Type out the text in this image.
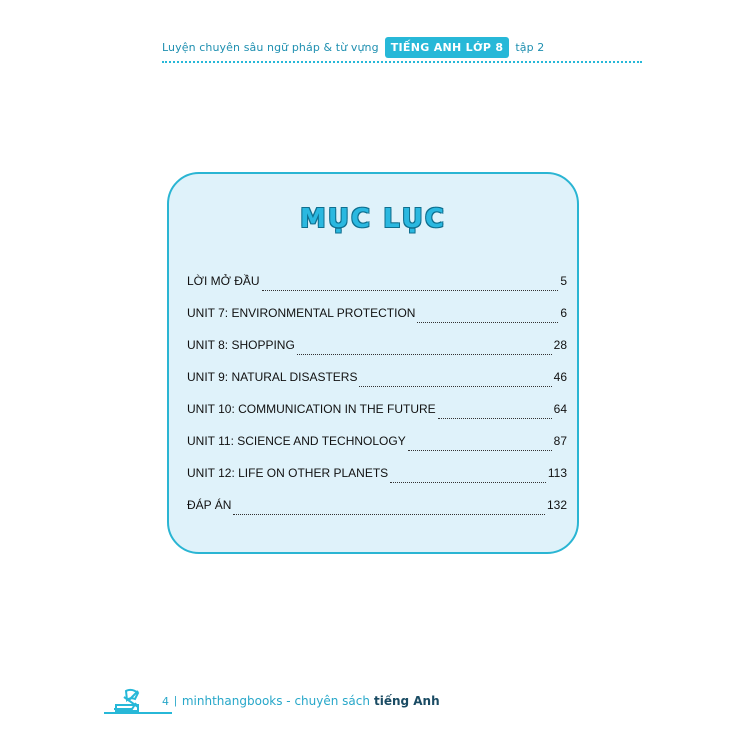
Luyện chuyên sâu ngữ pháp & từ vựng	TIẾNG ANH LỚP 8	tập 2
MỤC LỤC
LỜI MỞ ĐẦU	5
UNIT 7: ENVIRONMENTAL PROTECTION	6
UNIT 8: SHOPPING	28
UNIT 9: NATURAL DISASTERS	46
UNIT 10: COMMUNICATION IN THE FUTURE	64
UNIT 11: SCIENCE AND TECHNOLOGY	87
UNIT 12: LIFE ON OTHER PLANETS	113
ĐÁP ÁN	132
4 | minhthangbooks - chuyên sách tiếng Anh
